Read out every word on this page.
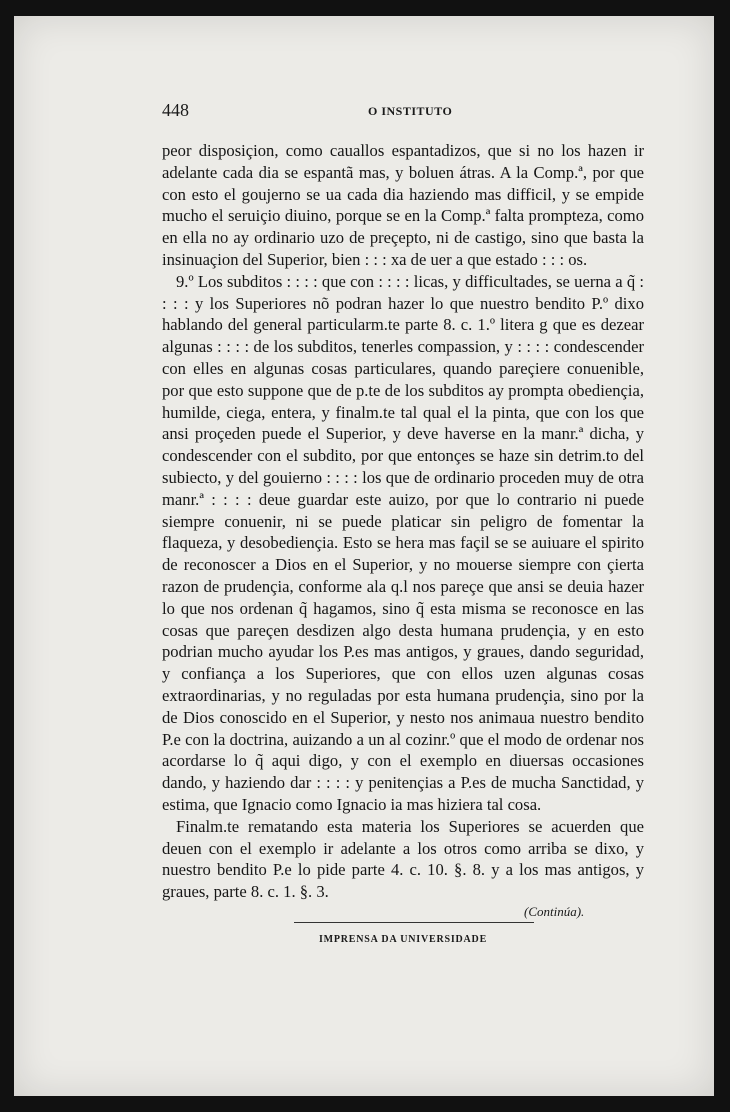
448	O INSTITUTO

peor disposiçion, como cauallos espantadizos, que si no los hazen ir adelante cada dia se espantã mas, y boluen átras. A la Comp.ª, por que con esto el goujerno se ua cada dia haziendo mas difficil, y se empide mucho el seruiçio diuino, porque se en la Comp.ª falta prompteza, como en ella no ay ordinario uzo de preçepto, ni de castigo, sino que basta la insinuaçion del Superior, bien : : : xa de uer a que estado : : : os.

9.º Los subditos : : : : que con : : : : licas, y difficultades, se uerna a q̃ : : : : y los Superiores nõ podran hazer lo que nuestro bendito P.º dixo hablando del general particularm.te parte 8. c. 1.º litera g que es dezear algunas : : : : de los subditos, tenerles compassion, y : : : : condescender con elles en algunas cosas particulares, quando pareçiere conuenible, por que esto suppone que de p.te de los subditos ay prompta obediençia, humilde, ciega, entera, y finalm.te tal qual el la pinta, que con los que ansi proçeden puede el Superior, y deve haverse en la manr.ª dicha, y condescender con el subdito, por que entonçes se haze sin detrim.to del subiecto, y del gouierno : : : : los que de ordinario proceden muy de otra manr.ª : : : : deue guardar este auizo, por que lo contrario ni puede siempre conuenir, ni se puede platicar sin peligro de fomentar la flaqueza, y desobediençia. Esto se hera mas façil se se auiuare el spirito de reconoscer a Dios en el Superior, y no mouerse siempre con çierta razon de prudençia, conforme ala q.l nos pareçe que ansi se deuia hazer lo que nos ordenan q̃ hagamos, sino q̃ esta misma se reconosce en las cosas que pareçen desdizen algo desta humana prudençia, y en esto podrian mucho ayudar los P.es mas antigos, y graues, dando seguridad, y confiança a los Superiores, que con ellos uzen algunas cosas extraordinarias, y no reguladas por esta humana prudençia, sino por la de Dios conoscido en el Superior, y nesto nos animaua nuestro bendito P.e con la doctrina, auizando a un al cozinr.º que el modo de ordenar nos acordarse lo q̃ aqui digo, y con el exemplo en diuersas occasiones dando, y haziendo dar : : : : y penitençias a P.es de mucha Sanctidad, y estima, que Ignacio como Ignacio ia mas hiziera tal cosa.

Finalm.te rematando esta materia los Superiores se acuerden que deuen con el exemplo ir adelante a los otros como arriba se dixo, y nuestro bendito P.e lo pide parte 4. c. 10. §. 8. y a los mas antigos, y graues, parte 8. c. 1. §. 3.

(Continúa).
IMPRENSA DA UNIVERSIDADE
